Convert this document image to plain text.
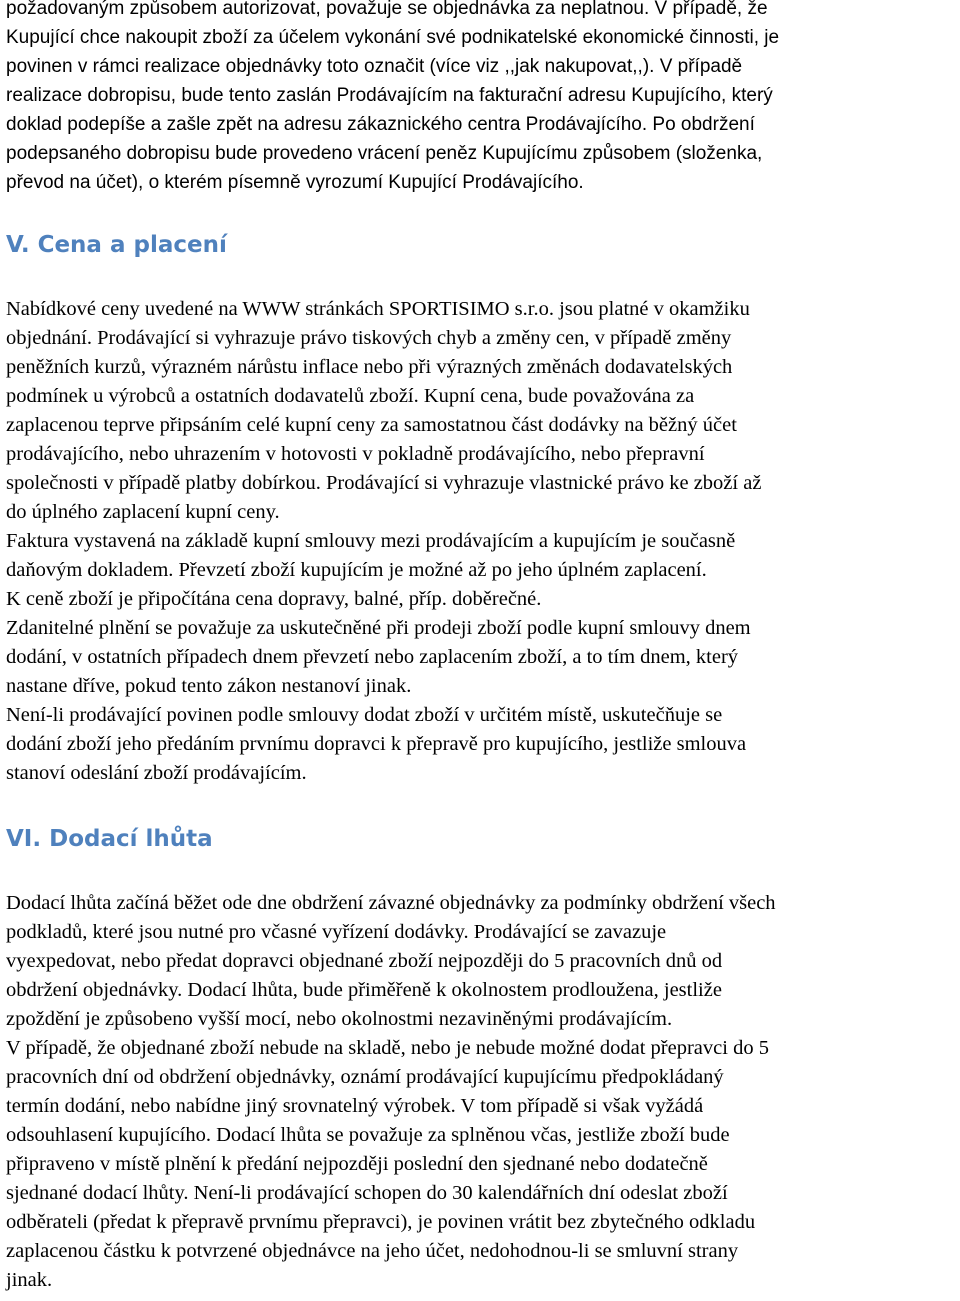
požadovaným způsobem autorizovat, považuje se objednávka za neplatnou. V případě, že
Kupující chce nakoupit zboží za účelem vykonání své podnikatelské ekonomické činnosti, je
povinen v rámci realizace objednávky toto označit (více viz ,,jak nakupovat,,). V případě
realizace dobropisu, bude tento zaslán Prodávajícím na fakturační adresu Kupujícího, který
doklad podepíše a zašle zpět na adresu zákaznického centra Prodávajícího. Po obdržení
podepsaného dobropisu bude provedeno vrácení peněz Kupujícímu způsobem (složenka,
převod na účet), o kterém písemně vyrozumí Kupující Prodávajícího.
V. Cena a placení
Nabídkové ceny uvedené na WWW stránkách SPORTISIMO s.r.o. jsou platné v okamžiku
objednání. Prodávající si vyhrazuje právo tiskových chyb a změny cen, v případě změny
peněžních kurzů, výrazném nárůstu inflace nebo při výrazných změnách dodavatelských
podmínek u výrobců a ostatních dodavatelů zboží. Kupní cena, bude považována za
zaplacenou teprve připsáním celé kupní ceny za samostatnou část dodávky na běžný účet
prodávajícího, nebo uhrazením v hotovosti v pokladně prodávajícího, nebo přepravní
společnosti v případě platby dobírkou. Prodávající si vyhrazuje vlastnické právo ke zboží až
do úplného zaplacení kupní ceny.
Faktura vystavená na základě kupní smlouvy mezi prodávajícím a kupujícím je současně
daňovým dokladem. Převzetí zboží kupujícím je možné až po jeho úplném zaplacení.
K ceně zboží je připočítána cena dopravy, balné, příp. doběrečné.
Zdanitelné plnění se považuje za uskutečněné při prodeji zboží podle kupní smlouvy dnem
dodání, v ostatních případech dnem převzetí nebo zaplacením zboží, a to tím dnem, který
nastane dříve, pokud tento zákon nestanoví jinak.
Není-li prodávající povinen podle smlouvy dodat zboží v určitém místě, uskutečňuje se
dodání zboží jeho předáním prvnímu dopravci k přepravě pro kupujícího, jestliže smlouva
stanoví odeslání zboží prodávajícím.
VI. Dodací lhůta
Dodací lhůta začíná běžet ode dne obdržení závazné objednávky za podmínky obdržení všech
podkladů, které jsou nutné pro včasné vyřízení dodávky. Prodávající se zavazuje
vyexpedovat, nebo předat dopravci objednané zboží nejpozději do 5 pracovních dnů od
obdržení objednávky. Dodací lhůta, bude přiměřeně k okolnostem prodloužena, jestliže
zpoždění je způsobeno vyšší mocí, nebo okolnostmi nezaviněnými prodávajícím.
V případě, že objednané zboží nebude na skladě, nebo je nebude možné dodat přepravci do 5
pracovních dní od obdržení objednávky, oznámí prodávající kupujícímu předpokládaný
termín dodání, nebo nabídne jiný srovnatelný výrobek. V tom případě si však vyžádá
odsouhlasení kupujícího. Dodací lhůta se považuje za splněnou včas, jestliže zboží bude
připraveno v místě plnění k předání nejpozději poslední den sjednané nebo dodatečně
sjednané dodací lhůty. Není-li prodávající schopen do 30 kalendářních dní odeslat zboží
odběrateli (předat k přepravě prvnímu přepravci), je povinen vrátit bez zbytečného odkladu
zaplacenou částku k potvrzené objednávce na jeho účet, nedohodnou-li se smluvní strany
jinak.
